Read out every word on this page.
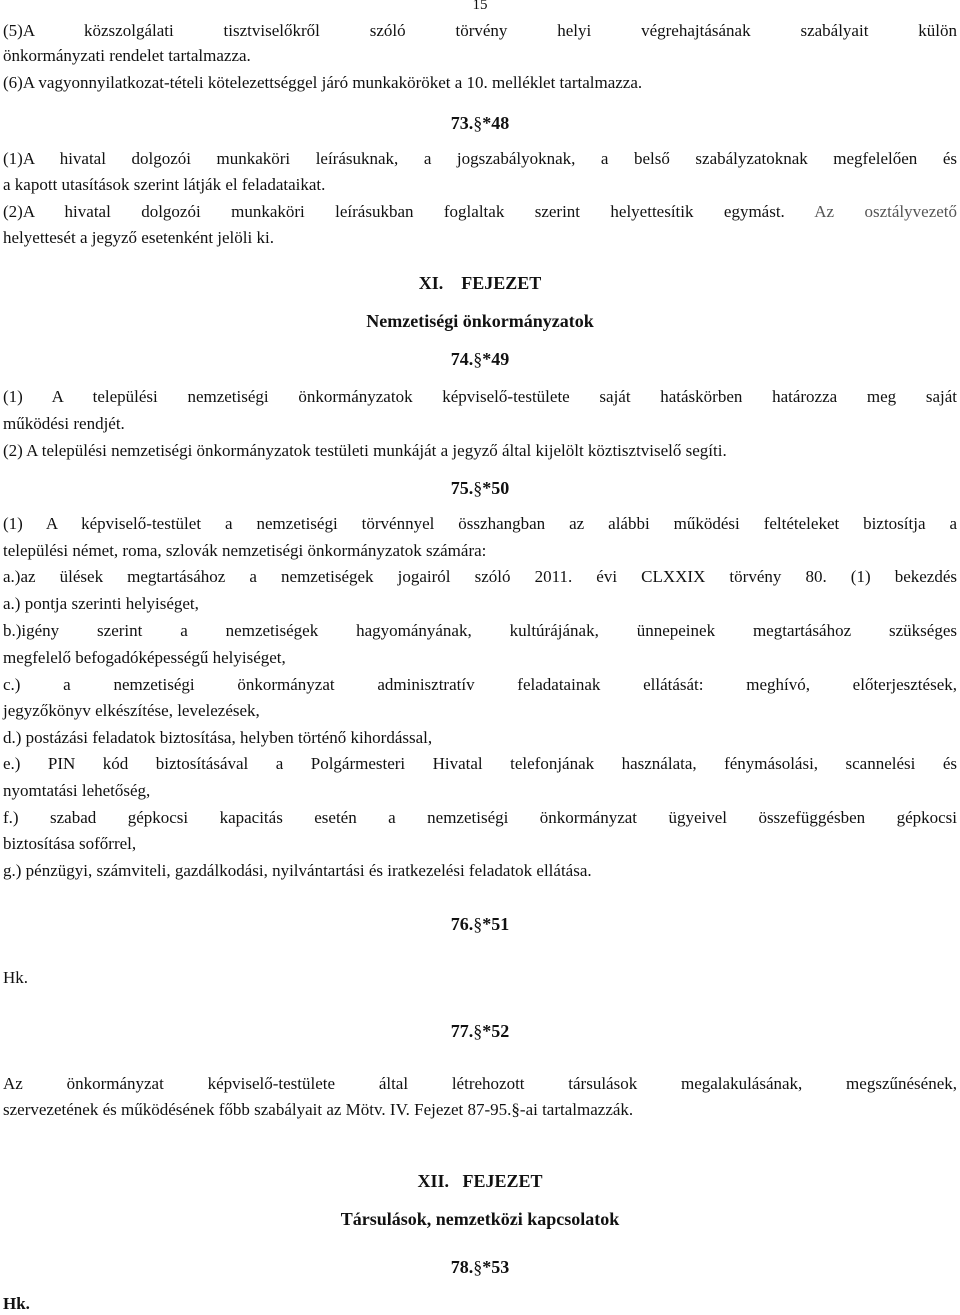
15
(5)A közszolgálati tisztviselőkről szóló törvény helyi végrehajtásának szabályait külön
önkormányzati rendelet tartalmazza.
(6)A vagyonnyilatkozat-tételi kötelezettséggel járó munkaköröket a 10. melléklet tartalmazza.
73.§*48
(1)A hivatal dolgozói munkaköri leírásuknak, a jogszabályoknak, a belső szabályzatoknak megfelelően és
a kapott utasítások szerint látják el feladataikat.
(2)A hivatal dolgozói munkaköri leírásukban foglaltak szerint helyettesítik egymást. Az osztályvezető
helyettesét a jegyző esetenként jelöli ki.
XI. FEJEZET
Nemzetiségi önkormányzatok
74.§*49
(1) A települési nemzetiségi önkormányzatok képviselő-testülete saját hatáskörben határozza meg saját
működési rendjét.
(2) A települési nemzetiségi önkormányzatok testületi munkáját a jegyző által kijelölt köztisztviselő segíti.
75.§*50
(1) A képviselő-testület a nemzetiségi törvénnyel összhangban az alábbi működési feltételeket biztosítja a
települési német, roma, szlovák nemzetiségi önkormányzatok számára:
a.)az ülések megtartásához a nemzetiségek jogairól szóló 2011. évi CLXXIX törvény 80. (1) bekezdés
a.) pontja szerinti helyiséget,
b.)igény szerint a nemzetiségek hagyományának, kultúrájának, ünnepeinek megtartásához szükséges
megfelelő befogadóképességű helyiséget,
c.) a nemzetiségi önkormányzat adminisztratív feladatainak ellátását: meghívó, előterjesztések,
jegyzőkönyv elkészítése, levelezések,
d.) postázási feladatok biztosítása, helyben történő kihordással,
e.) PIN kód biztosításával a Polgármesteri Hivatal telefonjának használata, fénymásolási, scannelési és
nyomtatási lehetőség,
f.) szabad gépkocsi kapacitás esetén a nemzetiségi önkormányzat ügyeivel összefüggésben gépkocsi
biztosítása sofőrrel,
g.) pénzügyi, számviteli, gazdálkodási, nyilvántartási és iratkezelési feladatok ellátása.
76.§*51
Hk.
77.§*52
Az önkormányzat képviselő-testülete által létrehozott társulások megalakulásának, megszűnésének,
szervezetének és működésének főbb szabályait az Mötv. IV. Fejezet 87-95.§-ai tartalmazzák.
XII. FEJEZET
Társulások, nemzetközi kapcsolatok
78.§*53
Hk.
